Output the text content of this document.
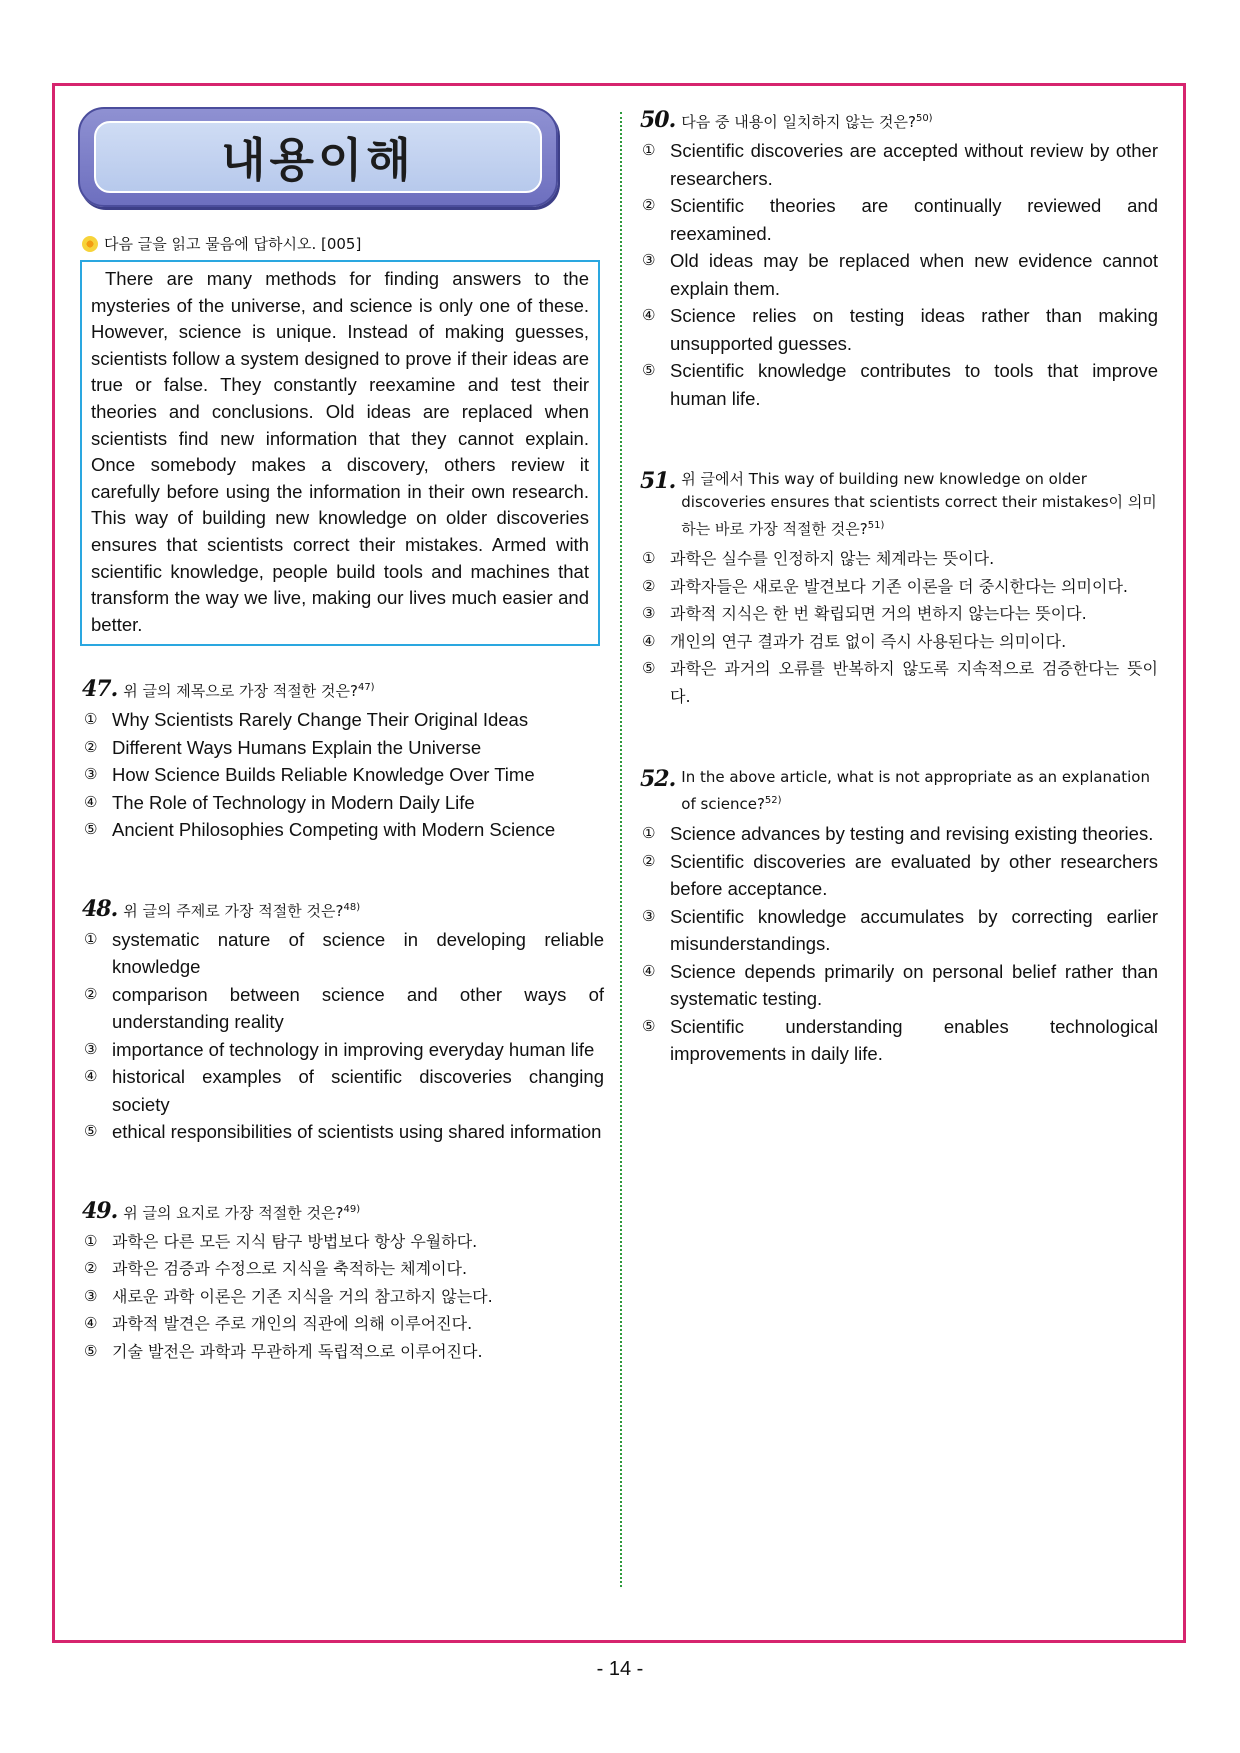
내용이해
다음 글을 읽고 물음에 답하시오. [005]
There are many methods for finding answers to the mysteries of the universe, and science is only one of these. However, science is unique. Instead of making guesses, scientists follow a system designed to prove if their ideas are true or false. They constantly reexamine and test their theories and conclusions. Old ideas are replaced when scientists find new information that they cannot explain. Once somebody makes a discovery, others review it carefully before using the information in their own research. This way of building new knowledge on older discoveries ensures that scientists correct their mistakes. Armed with scientific knowledge, people build tools and machines that transform the way we live, making our lives much easier and better.
47. 위 글의 제목으로 가장 적절한 것은?$^{47)}$
① Why Scientists Rarely Change Their Original Ideas
② Different Ways Humans Explain the Universe
③ How Science Builds Reliable Knowledge Over Time
④ The Role of Technology in Modern Daily Life
⑤ Ancient Philosophies Competing with Modern Science
48. 위 글의 주제로 가장 적절한 것은?$^{48)}$
① systematic nature of science in developing reliable knowledge
② comparison between science and other ways of understanding reality
③ importance of technology in improving everyday human life
④ historical examples of scientific discoveries changing society
⑤ ethical responsibilities of scientists using shared information
49. 위 글의 요지로 가장 적절한 것은?$^{49)}$
① 과학은 다른 모든 지식 탐구 방법보다 항상 우월하다.
② 과학은 검증과 수정으로 지식을 축적하는 체계이다.
③ 새로운 과학 이론은 기존 지식을 거의 참고하지 않는다.
④ 과학적 발견은 주로 개인의 직관에 의해 이루어진다.
⑤ 기술 발전은 과학과 무관하게 독립적으로 이루어진다.
50. 다음 중 내용이 일치하지 않는 것은?$^{50)}$
① Scientific discoveries are accepted without review by other researchers.
② Scientific theories are continually reviewed and reexamined.
③ Old ideas may be replaced when new evidence cannot explain them.
④ Science relies on testing ideas rather than making unsupported guesses.
⑤ Scientific knowledge contributes to tools that improve human life.
51. 위 글에서 This way of building new knowledge on older discoveries ensures that scientists correct their mistakes이 의미하는 바로 가장 적절한 것은?$^{51)}$
① 과학은 실수를 인정하지 않는 체계라는 뜻이다.
② 과학자들은 새로운 발견보다 기존 이론을 더 중시한다는 의미이다.
③ 과학적 지식은 한 번 확립되면 거의 변하지 않는다는 뜻이다.
④ 개인의 연구 결과가 검토 없이 즉시 사용된다는 의미이다.
⑤ 과학은 과거의 오류를 반복하지 않도록 지속적으로 검증한다는 뜻이다.
52. In the above article, what is not appropriate as an explanation of science?$^{52)}$
① Science advances by testing and revising existing theories.
② Scientific discoveries are evaluated by other researchers before acceptance.
③ Scientific knowledge accumulates by correcting earlier misunderstandings.
④ Science depends primarily on personal belief rather than systematic testing.
⑤ Scientific understanding enables technological improvements in daily life.
- 14 -
